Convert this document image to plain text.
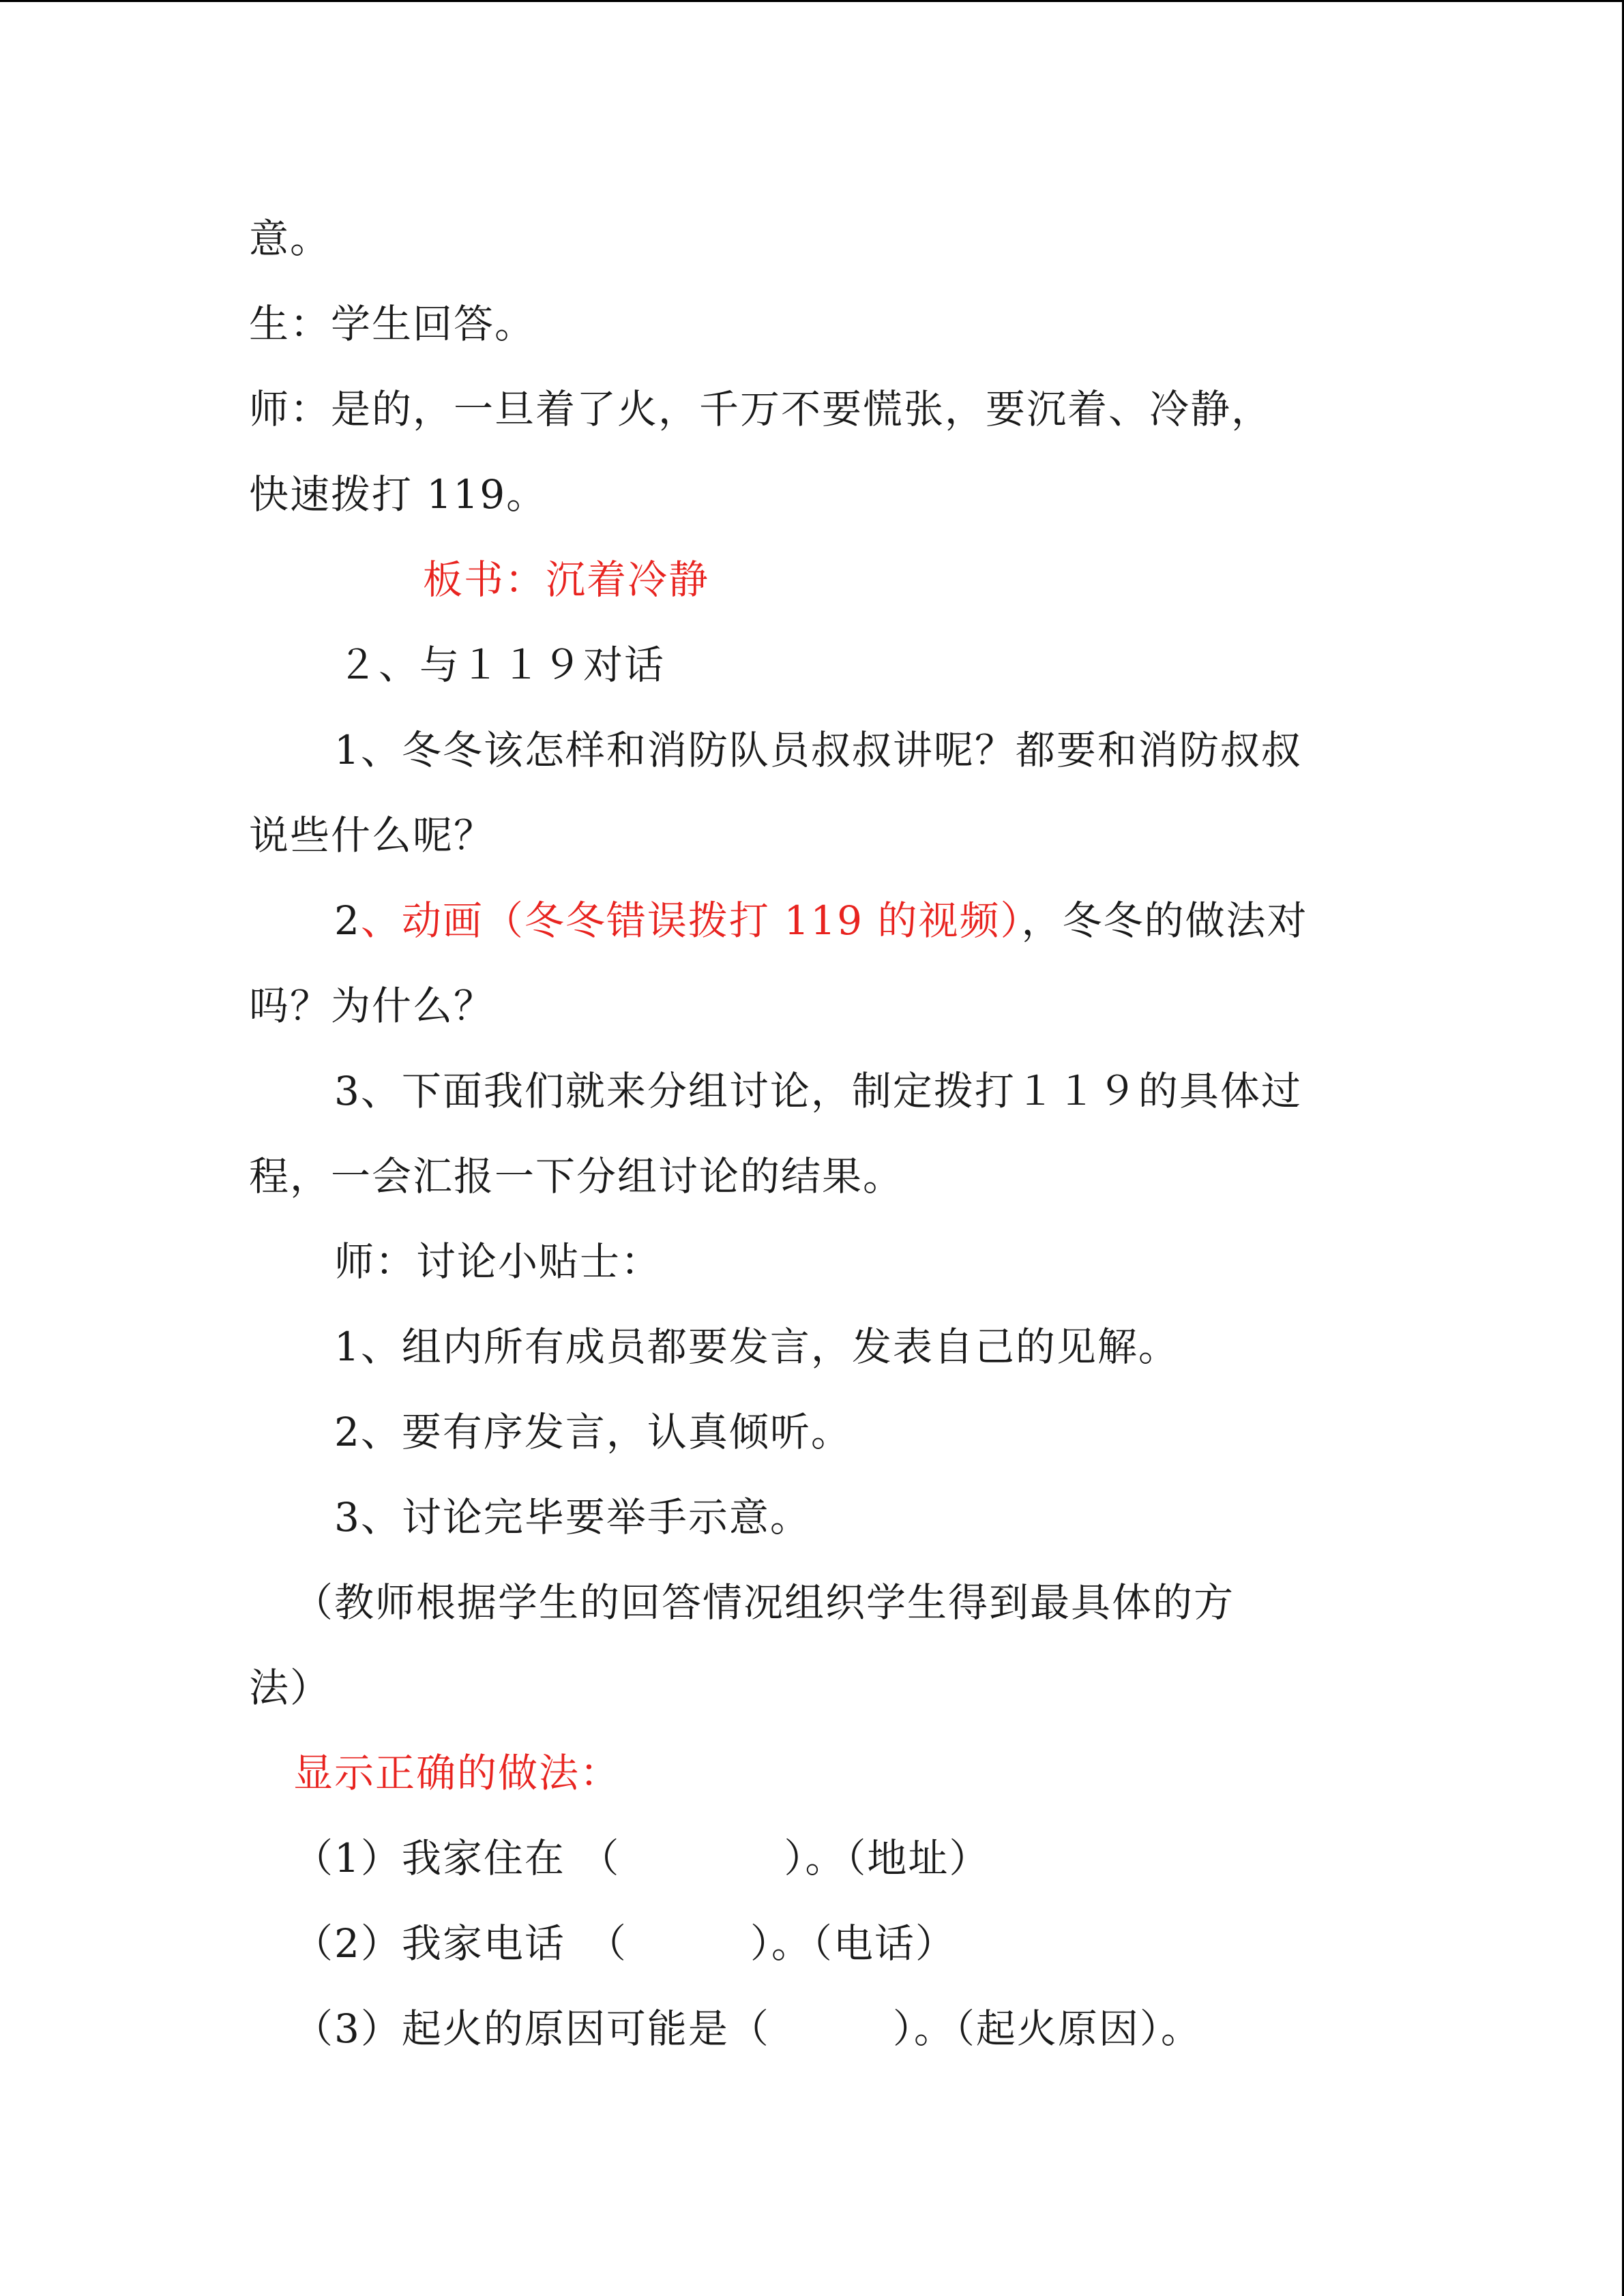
意。
生：学生回答。
师：是的，一旦着了火，千万不要慌张，要沉着、冷静，
快速拨打 119。
板书：沉着冷静
２、与１１９对话
1、冬冬该怎样和消防队员叔叔讲呢？都要和消防叔叔
说些什么呢？
2、动画（冬冬错误拨打 119 的视频），冬冬的做法对
吗？为什么？
3、下面我们就来分组讨论，制定拨打１１９的具体过
程，一会汇报一下分组讨论的结果。
师：讨论小贴士：
1、组内所有成员都要发言，发表自己的见解。
2、要有序发言，认真倾听。
3、讨论完毕要举手示意。
（教师根据学生的回答情况组织学生得到最具体的方
法）
显示正确的做法：
（1）我家住在 （　　　　）。（地址）
（2）我家电话　（　　　）。（电话）
（3）起火的原因可能是（　　　）。（起火原因）。
